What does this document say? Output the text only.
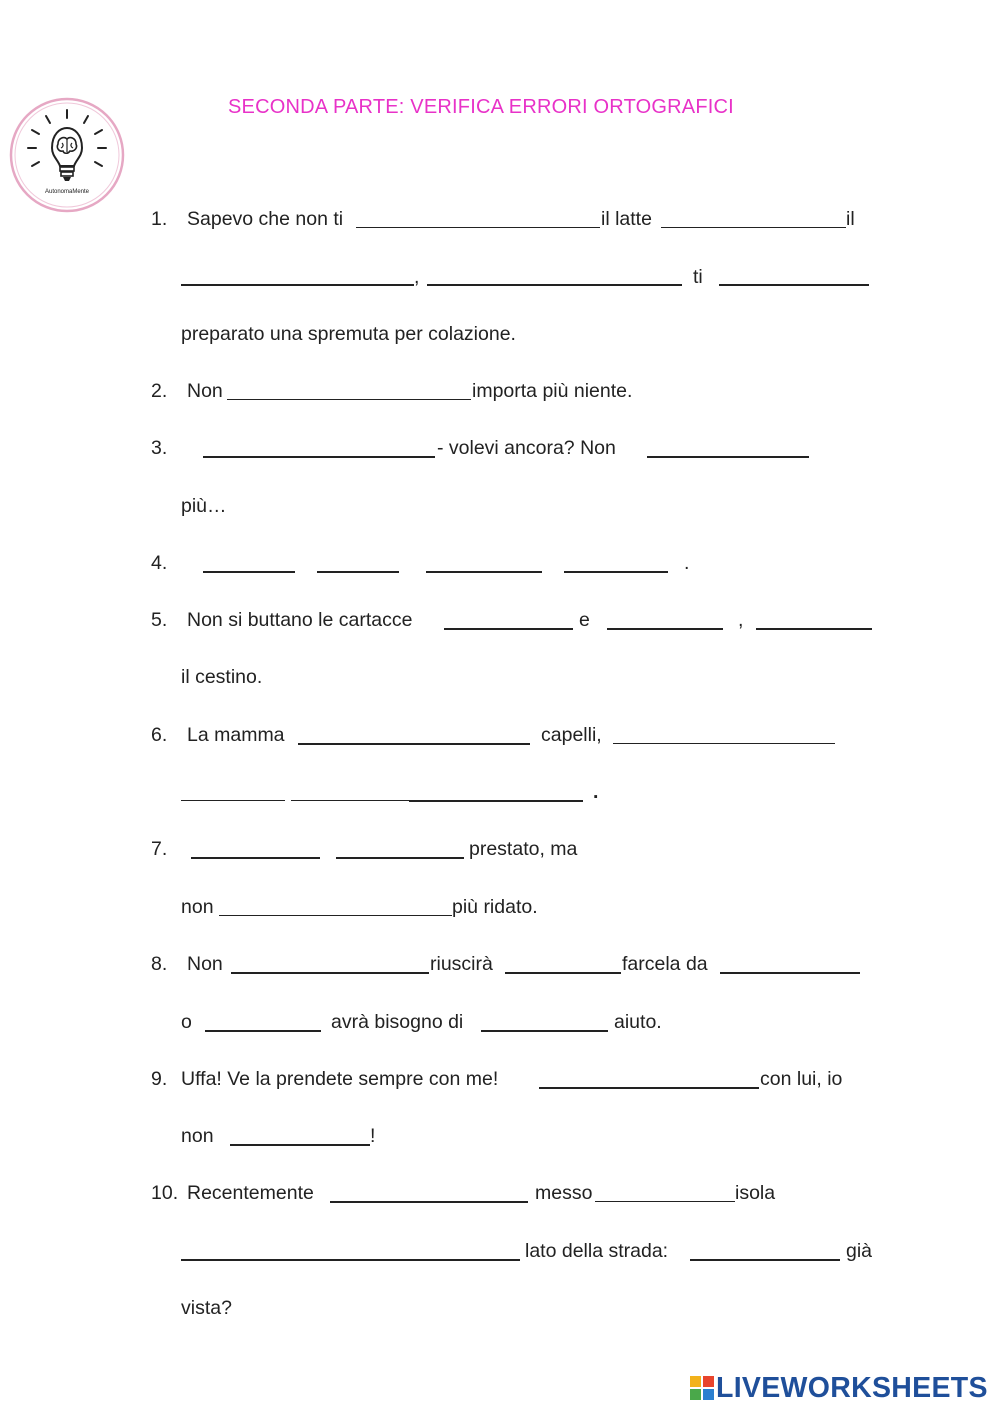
AutonomaMente
SECONDA PARTE: VERIFICA ERRORI ORTOGRAFICI
1. Sapevo che non ti	il latte	il
,	ti
preparato una spremuta per colazione.
2. Non	importa più niente.
3.	- volevi ancora? Non
più…
4.	.
5. Non si buttano le cartacce	e	,
il cestino.
6. La mamma	capelli,
.
7.	prestato, ma
non	più ridato.
8. Non	riuscirà	farcela da
o	avrà bisogno di	aiuto.
9. Uffa! Ve la prendete sempre con me!	con lui, io
non	!
10. Recentemente	messo	isola
lato della strada:	già
vista?
LIVEWORKSHEETS
